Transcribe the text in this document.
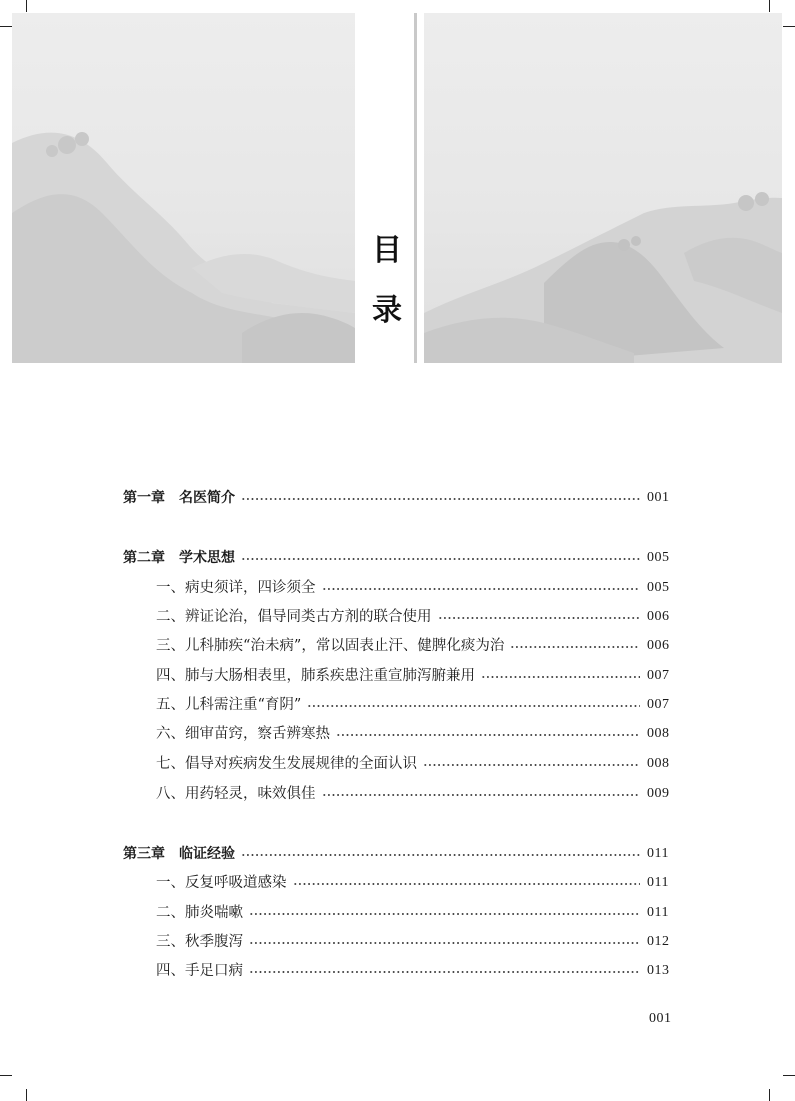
目
录
第一章　名医简介	001
第二章　学术思想	005
一、病史须详，四诊须全	005
二、辨证论治，倡导同类古方剂的联合使用	006
三、儿科肺疾“治未病”，常以固表止汗、健脾化痰为治	006
四、肺与大肠相表里，肺系疾患注重宣肺泻腑兼用	007
五、儿科需注重“育阴”	007
六、细审苗窍，察舌辨寒热	008
七、倡导对疾病发生发展规律的全面认识	008
八、用药轻灵，味效俱佳	009
第三章　临证经验	011
一、反复呼吸道感染	011
二、肺炎喘嗽	011
三、秋季腹泻	012
四、手足口病	013
001
